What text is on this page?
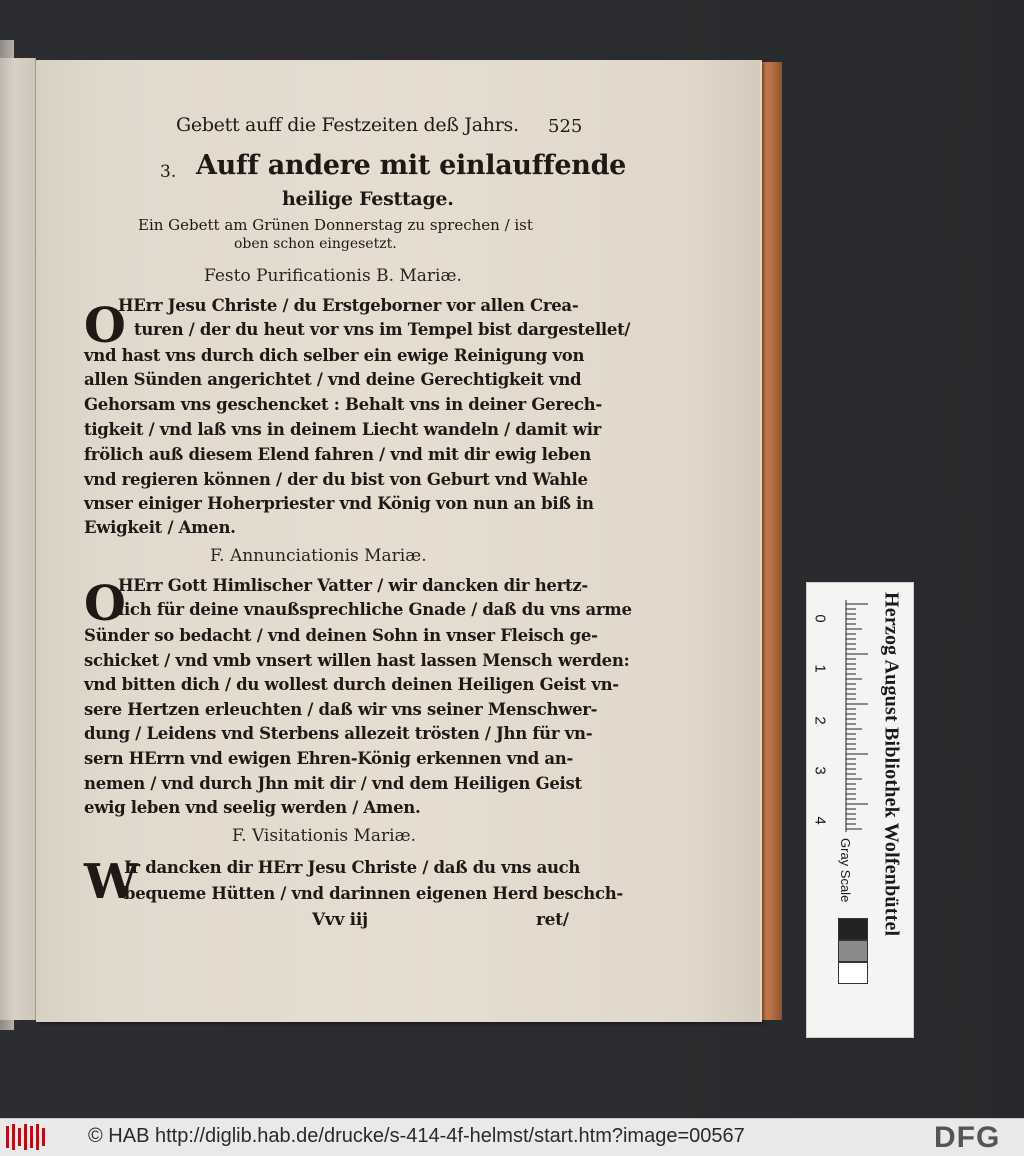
Gebett auff die Festzeiten deß Jahrs. 525
3. Auff andere mit einlauffende
heilige Festtage.
Ein Gebett am Grünen Donnerstag zu sprechen / ist
oben schon eingesetzt.
Festo Purificationis B. Mariæ.
O
HErr Jesu Christe / du Erstgeborner vor allen Crea-
turen / der du heut vor vns im Tempel bist dargestellet/
vnd hast vns durch dich selber ein ewige Reinigung von
allen Sünden angerichtet / vnd deine Gerechtigkeit vnd
Gehorsam vns geschencket : Behalt vns in deiner Gerech-
tigkeit / vnd laß vns in deinem Liecht wandeln / damit wir
frölich auß diesem Elend fahren / vnd mit dir ewig leben
vnd regieren können / der du bist von Geburt vnd Wahle
vnser einiger Hoherpriester vnd König von nun an biß in
Ewigkeit / Amen.
F. Annunciationis Mariæ.
O
HErr Gott Himlischer Vatter / wir dancken dir hertz-
lich für deine vnaußsprechliche Gnade / daß du vns arme
Sünder so bedacht / vnd deinen Sohn in vnser Fleisch ge-
schicket / vnd vmb vnsert willen hast lassen Mensch werden:
vnd bitten dich / du wollest durch deinen Heiligen Geist vn-
sere Hertzen erleuchten / daß wir vns seiner Menschwer-
dung / Leidens vnd Sterbens allezeit trösten / Jhn für vn-
sern HErrn vnd ewigen Ehren-König erkennen vnd an-
nemen / vnd durch Jhn mit dir / vnd dem Heiligen Geist
ewig leben vnd seelig werden / Amen.
F. Visitationis Mariæ.
W
Ir dancken dir HErr Jesu Christe / daß du vns auch
bequeme Hütten / vnd darinnen eigenen Herd beschch-
Vvv iij	ret/	Herzog August Bibliothek Wolfenbüttel
0
1
2
3
4
Gray Scale
© HAB http://diglib.hab.de/drucke/s-414-4f-helmst/start.htm?image=00567	DFG
